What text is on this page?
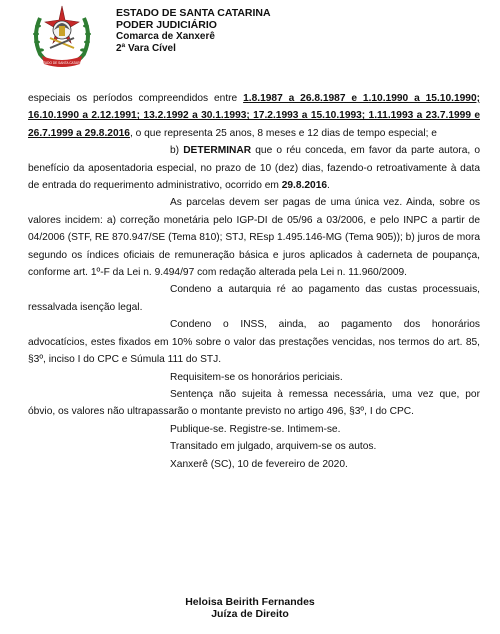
ESTADO DE SANTA CATARINA
ESTADO DE SANTA CATARINA
PODER JUDICIÁRIO
Comarca de Xanxerê
2ª Vara Cível

especiais os períodos compreendidos entre 1.8.1987 a 26.8.1987 e 1.10.1990 a 15.10.1990; 16.10.1990 a 2.12.1991; 13.2.1992 a 30.1.1993; 17.2.1993 a 15.10.1993; 1.11.1993 a 23.7.1999 e 26.7.1999 a 29.8.2016, o que representa 25 anos, 8 meses e 12 dias de tempo especial; e

b) DETERMINAR que o réu conceda, em favor da parte autora, o benefício da aposentadoria especial, no prazo de 10 (dez) dias, fazendo-o retroativamente à data de entrada do requerimento administrativo, ocorrido em 29.8.2016.

As parcelas devem ser pagas de uma única vez. Ainda, sobre os valores incidem: a) correção monetária pelo IGP-DI de 05/96 a 03/2006, e pelo INPC a partir de 04/2006 (STF, RE 870.947/SE (Tema 810); STJ, REsp 1.495.146-MG (Tema 905)); b) juros de mora segundo os índices oficiais de remuneração básica e juros aplicados à caderneta de poupança, conforme art. 1º-F da Lei n. 9.494/97 com redação alterada pela Lei n. 11.960/2009.

Condeno a autarquia ré ao pagamento das custas processuais, ressalvada isenção legal.

Condeno o INSS, ainda, ao pagamento dos honorários advocatícios, estes fixados em 10% sobre o valor das prestações vencidas, nos termos do art. 85, §3º, inciso I do CPC e Súmula 111 do STJ.

Requisitem-se os honorários periciais.

Sentença não sujeita à remessa necessária, uma vez que, por óbvio, os valores não ultrapassarão o montante previsto no artigo 496, §3º, I do CPC.

Publique-se. Registre-se. Intimem-se.

Transitado em julgado, arquivem-se os autos.

Xanxerê (SC), 10 de fevereiro de 2020.

Heloisa Beirith Fernandes
Juíza de Direito
